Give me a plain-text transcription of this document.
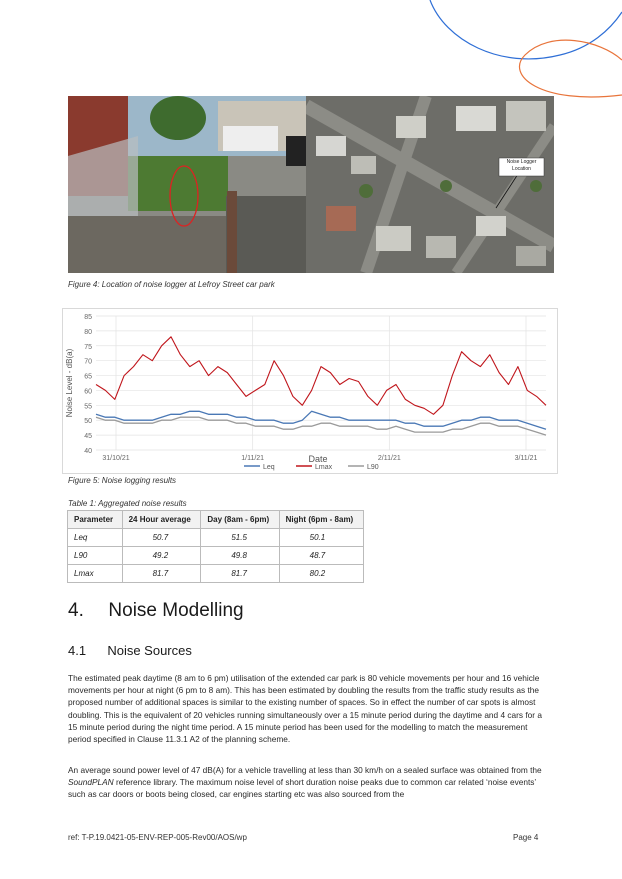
Noise Logger Location
Figure 4: Location of noise logger at Lefroy Street car park
85
80
75
70
65
60
55
50
45
40
31/10/21	1/11/21	2/11/21	3/11/21
Noise Level - dB(a)
Date
Leq	Lmax	L90
Figure 5: Noise logging results
Table 1: Aggregated noise results
Parameter	24 Hour average	Day (8am - 6pm)	Night (6pm - 8am)
Leq	50.7	51.5	50.1
L90	49.2	49.8	48.7
Lmax	81.7	81.7	80.2
4. Noise Modelling
4.1 Noise Sources

The estimated peak daytime (8 am to 6 pm) utilisation of the extended car park is 80 vehicle movements per hour and 16 vehicle movements per hour at night (6 pm to 8 am). This has been estimated by doubling the results from the traffic study results as the proposed number of additional spaces is similar to the existing number of spaces. So in effect the number of car spots is almost doubling. This is the equivalent of 20 vehicles running simultaneously over a 15 minute period during the daytime and 4 cars for a 15 minute period during the night time period. A 15 minute period has been used for the modelling to match the measurement period specified in Clause 11.3.1 A2 of the planning scheme.

An average sound power level of 47 dB(A) for a vehicle travelling at less than 30 km/h on a sealed surface was obtained from the SoundPLAN reference library. The maximum noise level of short duration noise peaks due to common car related ‘noise events’ such as car doors or boots being closed, car engines starting etc was also sourced from the

ref: T-P.19.0421-05-ENV-REP-005-Rev00/AOS/wp	Page 4
